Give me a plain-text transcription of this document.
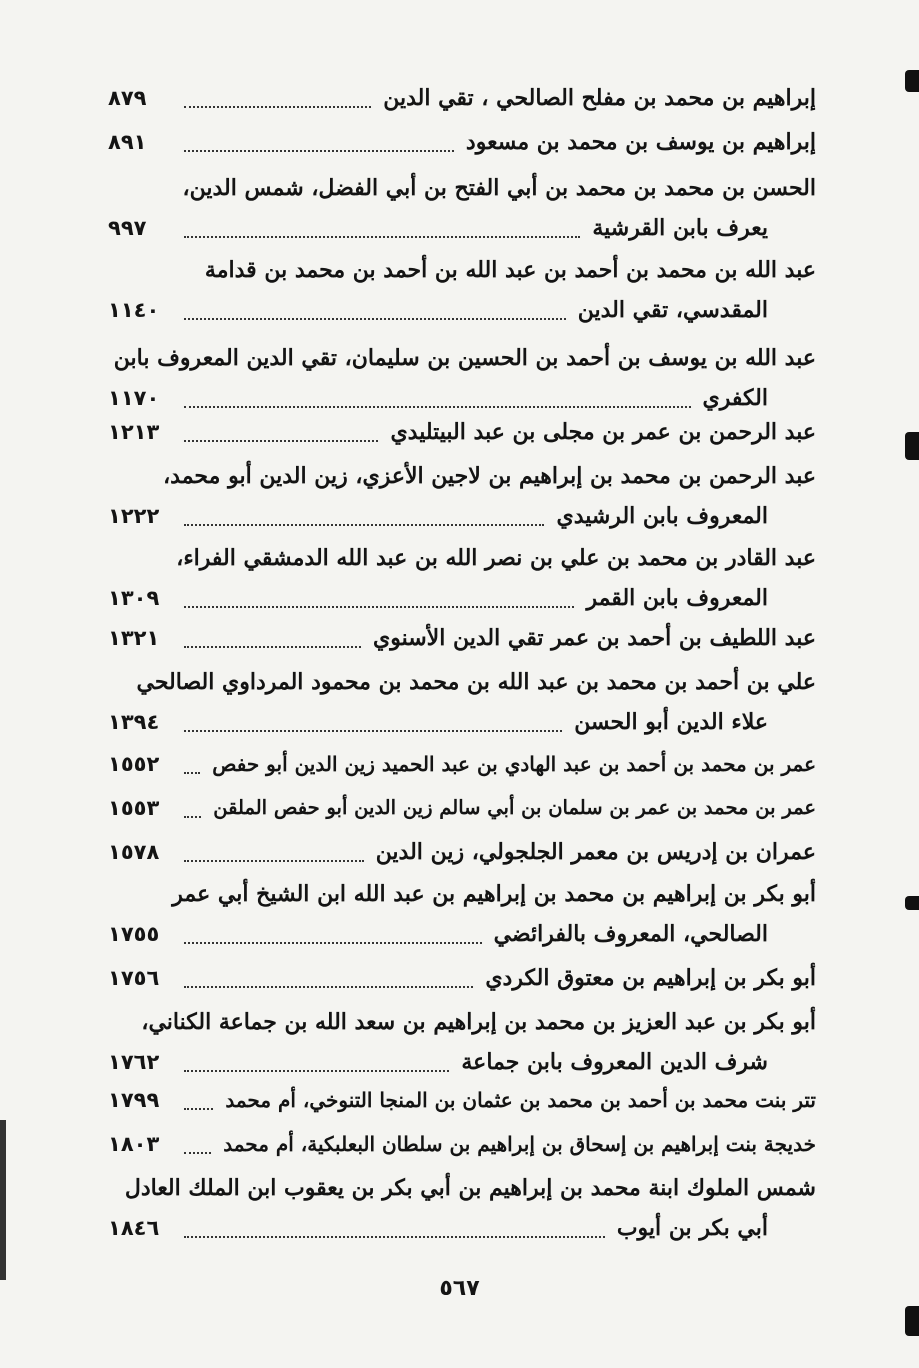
إبراهيم بن محمد بن مفلح الصالحي ، تقي الدين
٨٧٩
إبراهيم بن يوسف بن محمد بن مسعود
٨٩١
الحسن بن محمد بن محمد بن أبي الفتح بن أبي الفضل، شمس الدين،
يعرف بابن القرشية
٩٩٧
عبد الله بن محمد بن أحمد بن عبد الله بن أحمد بن محمد بن قدامة
المقدسي، تقي الدين
١١٤٠
عبد الله بن يوسف بن أحمد بن الحسين بن سليمان، تقي الدين المعروف بابن
الكفري
١١٧٠
عبد الرحمن بن عمر بن مجلى بن عبد البيتليدي
١٢١٣
عبد الرحمن بن محمد بن إبراهيم بن لاجين الأعزي، زين الدين أبو محمد،
المعروف بابن الرشيدي
١٢٢٢
عبد القادر بن محمد بن علي بن نصر الله بن عبد الله الدمشقي الفراء،
المعروف بابن القمر
١٣٠٩
عبد اللطيف بن أحمد بن عمر تقي الدين الأسنوي
١٣٢١
علي بن أحمد بن محمد بن عبد الله بن محمد بن محمود المرداوي الصالحي
علاء الدين أبو الحسن
١٣٩٤
عمر بن محمد بن أحمد بن عبد الهادي بن عبد الحميد زين الدين أبو حفص
١٥٥٢
عمر بن محمد بن عمر بن سلمان بن أبي سالم زين الدين أبو حفص الملقن
١٥٥٣
عمران بن إدريس بن معمر الجلجولي، زين الدين
١٥٧٨
أبو بكر بن إبراهيم بن محمد بن إبراهيم بن عبد الله ابن الشيخ أبي عمر
الصالحي، المعروف بالفرائضي
١٧٥٥
أبو بكر بن إبراهيم بن معتوق الكردي
١٧٥٦
أبو بكر بن عبد العزيز بن محمد بن إبراهيم بن سعد الله بن جماعة الكناني،
شرف الدين المعروف بابن جماعة
١٧٦٢
تتر بنت محمد بن أحمد بن محمد بن عثمان بن المنجا التنوخي، أم محمد
١٧٩٩
خديجة بنت إبراهيم بن إسحاق بن إبراهيم بن سلطان البعلبكية، أم محمد
١٨٠٣
شمس الملوك ابنة محمد بن إبراهيم بن أبي بكر بن يعقوب ابن الملك العادل
أبي بكر بن أيوب
١٨٤٦
٥٦٧
